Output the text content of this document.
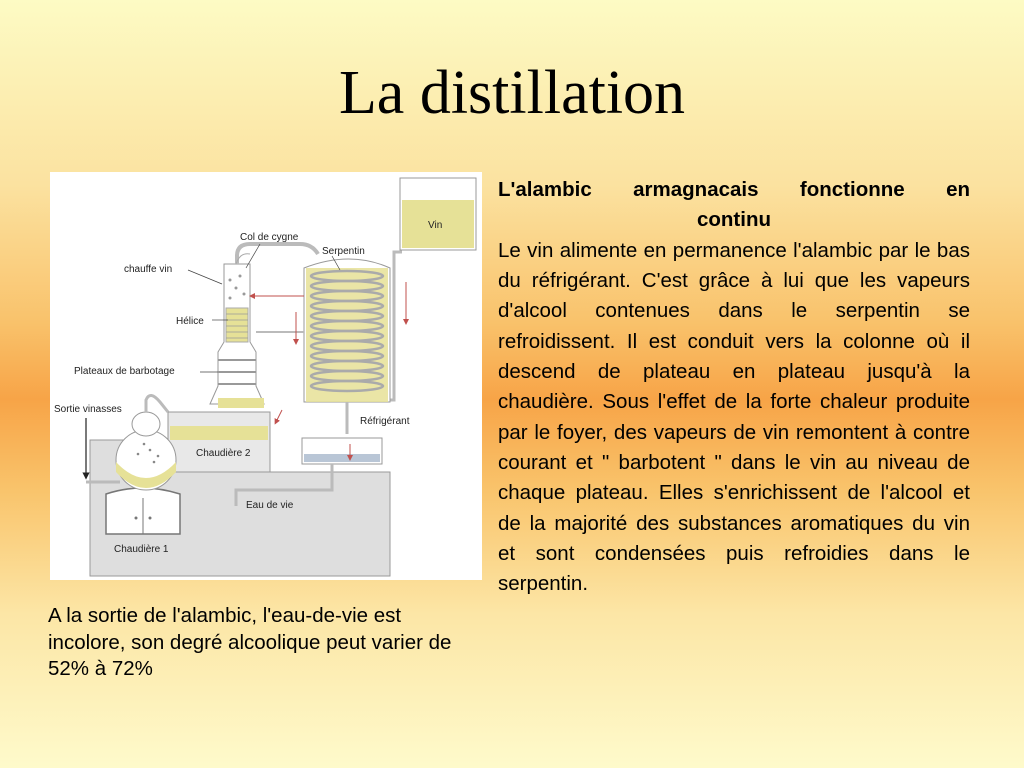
La distillation
Col de cygne
Serpentin
Vin
chauffe vin
Hélice
Plateaux de barbotage
Sortie vinasses
Réfrigérant
Chaudière 2
Eau de vie
Chaudière 1
A la sortie de l'alambic, l'eau-de-vie est incolore, son degré alcoolique peut varier de 52% à 72%
L'alambic armagnacais fonctionne en
continu
Le vin alimente en permanence l'alambic par le bas du réfrigérant. C'est grâce à lui que les vapeurs d'alcool contenues dans le serpentin se refroidissent. Il est conduit vers la colonne où il descend de plateau en plateau jusqu'à la chaudière. Sous l'effet de la forte chaleur produite par le foyer, des vapeurs de vin remontent à contre courant et " barbotent " dans le vin au niveau de chaque plateau. Elles s'enrichissent de l'alcool et de la majorité des substances aromatiques du vin et sont condensées puis refroidies dans le serpentin.
